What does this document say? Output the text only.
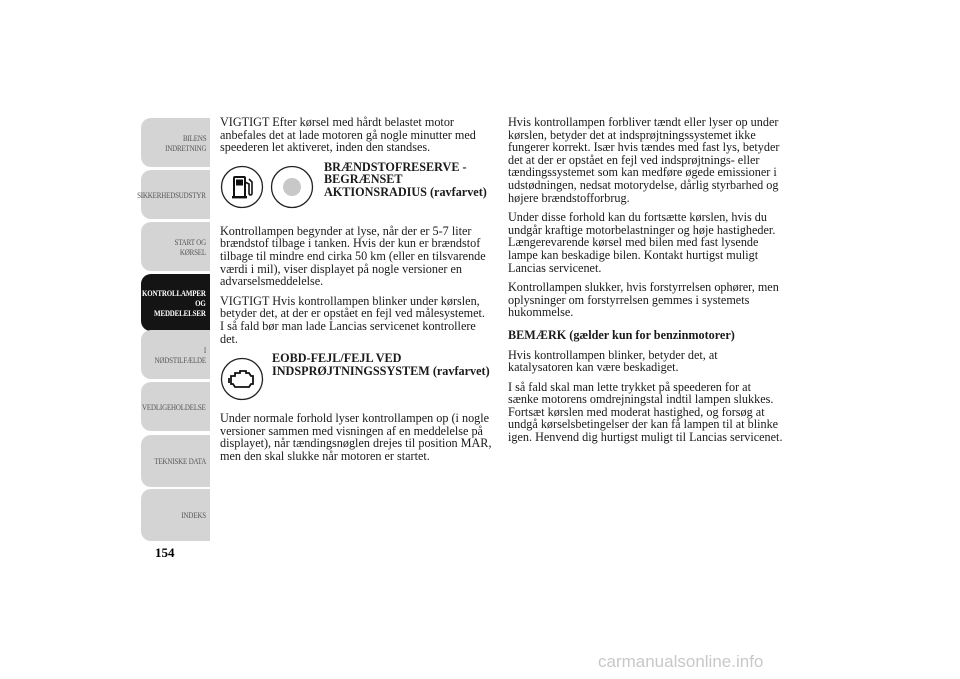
BILENS
INDRETNING
SIKKERHEDSUDSTYR
START OG KØRSEL
KONTROLLAMPER
OG MEDDELELSER
I NØDSTILFÆLDE
VEDLIGEHOLDELSE
TEKNISKE DATA
INDEKS
154

VIGTIGT Efter kørsel med hårdt belastet motor anbefales det at lade motoren gå nogle minutter med speederen let aktiveret, inden den standses.

BRÆNDSTOFRESERVE - BEGRÆNSET AKTIONSRADIUS (ravfarvet)

Kontrollampen begynder at lyse, når der er 5-7 liter brændstof tilbage i tanken. Hvis der kun er brændstof tilbage til mindre end cirka 50 km (eller en tilsvarende værdi i mil), viser displayet på nogle versioner en advarselsmeddelelse.

VIGTIGT Hvis kontrollampen blinker under kørslen, betyder det, at der er opstået en fejl ved målesystemet. I så fald bør man lade Lancias servicenet kontrollere det.

EOBD-FEJL/FEJL VED INDSPRØJTNINGSSYSTEM (ravfarvet)

Under normale forhold lyser kontrollampen op (i nogle versioner sammen med visningen af en meddelelse på displayet), når tændingsnøglen drejes til position MAR, men den skal slukke når motoren er startet.

Hvis kontrollampen forbliver tændt eller lyser op under kørslen, betyder det at indsprøjtningssystemet ikke fungerer korrekt. Især hvis tændes med fast lys, betyder det at der er opstået en fejl ved indsprøjtnings- eller tændingssystemet som kan medføre øgede emissioner i udstødningen, nedsat motorydelse, dårlig styrbarhed og højere brændstofforbrug.

Under disse forhold kan du fortsætte kørslen, hvis du undgår kraftige motorbelastninger og høje hastigheder. Længerevarende kørsel med bilen med fast lysende lampe kan beskadige bilen. Kontakt hurtigst muligt Lancias servicenet.

Kontrollampen slukker, hvis forstyrrelsen ophører, men oplysninger om forstyrrelsen gemmes i systemets hukommelse.

BEMÆRK (gælder kun for benzinmotorer)

Hvis kontrollampen blinker, betyder det, at katalysatoren kan være beskadiget.

I så fald skal man lette trykket på speederen for at sænke motorens omdrejningstal indtil lampen slukkes. Fortsæt kørslen med moderat hastighed, og forsøg at undgå kørselsbetingelser der kan få lampen til at blinke igen. Henvend dig hurtigst muligt til Lancias servicenet.

carmanualsonline.info
